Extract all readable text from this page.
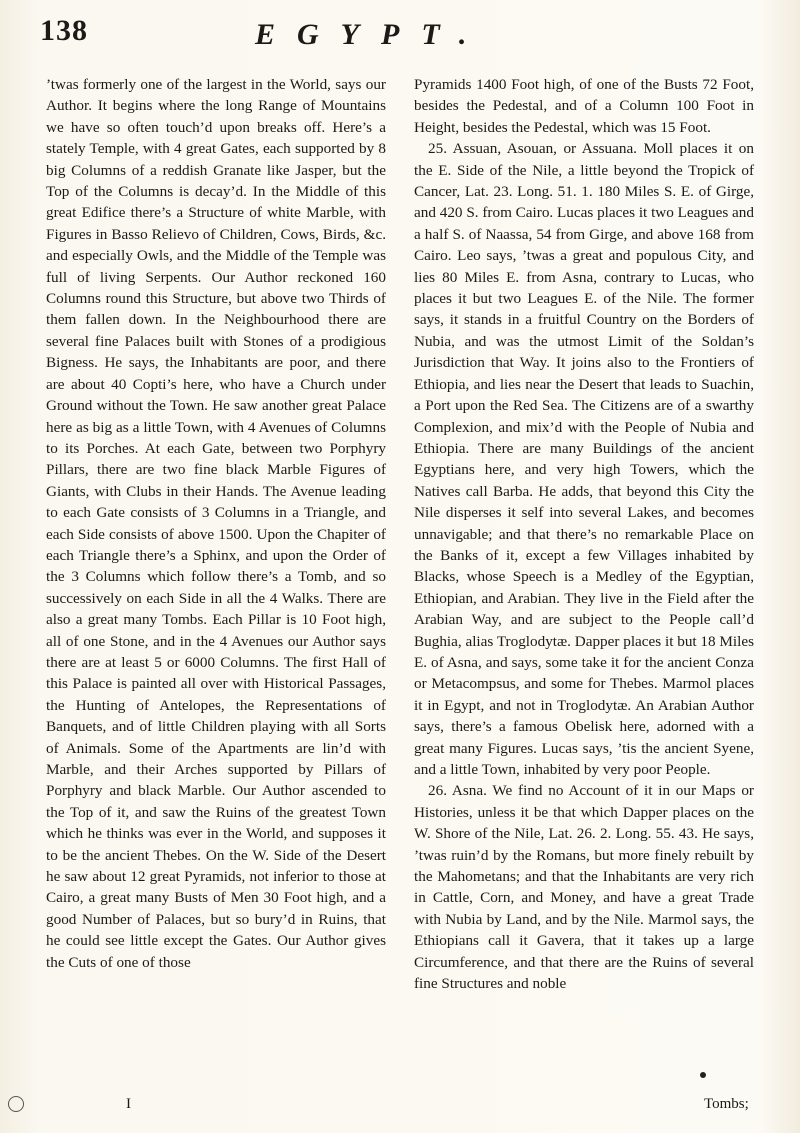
138	EGYPT.

’twas formerly one of the largest in the World, says our Author. It begins where the long Range of Mountains we have so often touch’d upon breaks off. Here’s a stately Temple, with 4 great Gates, each supported by 8 big Columns of a reddish Granate like Jasper, but the Top of the Columns is decay’d. In the Middle of this great Edifice there’s a Structure of white Marble, with Figures in Basso Relievo of Children, Cows, Birds, &c. and especially Owls, and the Middle of the Temple was full of living Serpents. Our Author reckoned 160 Columns round this Structure, but above two Thirds of them fallen down. In the Neighbourhood there are several fine Palaces built with Stones of a prodigious Bigness. He says, the Inhabitants are poor, and there are about 40 Copti’s here, who have a Church under Ground without the Town. He saw another great Palace here as big as a little Town, with 4 Avenues of Columns to its Porches. At each Gate, between two Porphyry Pillars, there are two fine black Marble Figures of Giants, with Clubs in their Hands. The Avenue leading to each Gate consists of 3 Columns in a Triangle, and each Side consists of above 1500. Upon the Chapiter of each Triangle there’s a Sphinx, and upon the Order of the 3 Columns which follow there’s a Tomb, and so successively on each Side in all the 4 Walks. There are also a great many Tombs. Each Pillar is 10 Foot high, all of one Stone, and in the 4 Avenues our Author says there are at least 5 or 6000 Columns. The first Hall of this Palace is painted all over with Historical Passages, the Hunting of Antelopes, the Representations of Banquets, and of little Children playing with all Sorts of Animals. Some of the Apartments are lin’d with Marble, and their Arches supported by Pillars of Porphyry and black Marble. Our Author ascended to the Top of it, and saw the Ruins of the greatest Town which he thinks was ever in the World, and supposes it to be the ancient Thebes. On the W. Side of the Desert he saw about 12 great Pyramids, not inferior to those at Cairo, a great many Busts of Men 30 Foot high, and a good Number of Palaces, but so bury’d in Ruins, that he could see little except the Gates. Our Author gives the Cuts of one of those

Pyramids 1400 Foot high, of one of the Busts 72 Foot, besides the Pedestal, and of a Column 100 Foot in Height, besides the Pedestal, which was 15 Foot.

25. Assuan, Asouan, or Assuana. Moll places it on the E. Side of the Nile, a little beyond the Tropick of Cancer, Lat. 23. Long. 51. 1. 180 Miles S. E. of Girge, and 420 S. from Cairo. Lucas places it two Leagues and a half S. of Naassa, 54 from Girge, and above 168 from Cairo. Leo says, ’twas a great and populous City, and lies 80 Miles E. from Asna, contrary to Lucas, who places it but two Leagues E. of the Nile. The former says, it stands in a fruitful Country on the Borders of Nubia, and was the utmost Limit of the Soldan’s Jurisdiction that Way. It joins also to the Frontiers of Ethiopia, and lies near the Desert that leads to Suachin, a Port upon the Red Sea. The Citizens are of a swarthy Complexion, and mix’d with the People of Nubia and Ethiopia. There are many Buildings of the ancient Egyptians here, and very high Towers, which the Natives call Barba. He adds, that beyond this City the Nile disperses it self into several Lakes, and becomes unnavigable; and that there’s no remarkable Place on the Banks of it, except a few Villages inhabited by Blacks, whose Speech is a Medley of the Egyptian, Ethiopian, and Arabian. They live in the Field after the Arabian Way, and are subject to the People call’d Bughia, alias Troglodytæ. Dapper places it but 18 Miles E. of Asna, and says, some take it for the ancient Conza or Metacompsus, and some for Thebes. Marmol places it in Egypt, and not in Troglodytæ. An Arabian Author says, there’s a famous Obelisk here, adorned with a great many Figures. Lucas says, ’tis the ancient Syene, and a little Town, inhabited by very poor People.

26. Asna. We find no Account of it in our Maps or Histories, unless it be that which Dapper places on the W. Shore of the Nile, Lat. 26. 2. Long. 55. 43. He says, ’twas ruin’d by the Romans, but more finely rebuilt by the Mahometans; and that the Inhabitants are very rich in Cattle, Corn, and Money, and have a great Trade with Nubia by Land, and by the Nile. Marmol says, the Ethiopians call it Gavera, that it takes up a large Circumference, and that there are the Ruins of several fine Structures and noble

I	Tombs;
